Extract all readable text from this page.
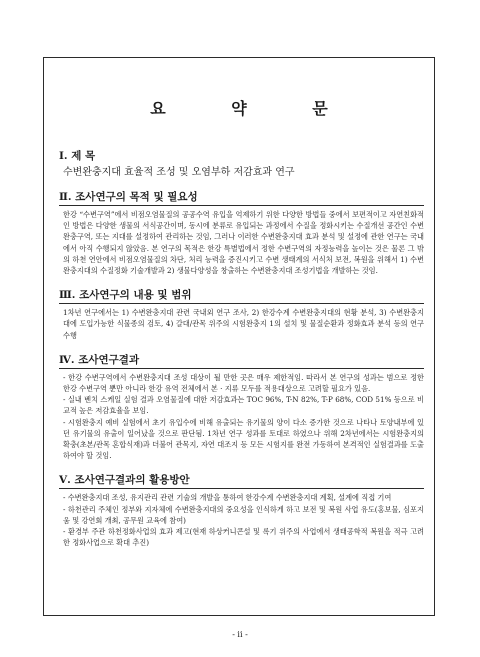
요 약 문

Ⅰ. 제 목

수변완충지대 효율적 조성 및 오염부하 저감효과 연구

Ⅱ. 조사연구의 목적 및 필요성

한강 “수변구역”에서 비점오염물질의 공공수역 유입을 억제하기 위한 다양한 방법들 중에서 보편적이고 자연친화적인 방법은 다양한 생물의 서식공간이며, 동시에 분류로 유입되는 과정에서 수질을 정화시키는 수질개선 공간인 수변완충구역, 또는 지대를 설정하여 관리하는 것임, 그러나 이러한 수변완충지대 효과 분석 및 설정에 관한 연구는 국내에서 아직 수행되지 않았음. 본 연구의 목적은 한강 특별법에서 정한 수변구역의 자정능력을 높이는 것은 물론 그 밖의 하천 연안에서 비점오염물질의 차단, 처리 능력을 증진시키고 수변 생태계의 서식처 보전, 복원을 위해서 1) 수변완충지대의 수질정화 기술개발과 2) 생물다양성을 창출하는 수변완충지대 조성기법을 개발하는 것임.

Ⅲ. 조사연구의 내용 및 범위

1차년 연구에서는 1) 수변완충지대 관련 국내외 연구 조사, 2) 한강수계 수변완충지대의 현황 분석, 3) 수변완충지대에 도입가능한 식물종의 검토, 4) 갈대/관목 위주의 시험완충지 1의 설치 및 물질순환과 정화효과 분석 등의 연구 수행

Ⅳ. 조사연구결과

- 한강 수변구역에서 수변완충지대 조성 대상이 될 만한 곳은 매우 제한적임. 따라서 본 연구의 성과는 범으로 정한 한강 수변구역 뿐만 아니라 한강 유역 전체에서 본 · 지류 모두를 적용대상으로 고려할 필요가 있음.
- 실내 벤치 스케일 실험 결과 오염물질에 대한 저감효과는 TOC 96%, T-N 82%, T-P 68%, COD 51% 등으로 비교적 높은 저감효율을 보임.
- 시험완충지 예비 실험에서 초기 유입수에 비해 유출되는 유기물의 양이 다소 증가한 것으로 나타나 토양내부에 있던 유기물의 유출이 일어났을 것으로 판단됨. 1차년 연구 성과를 토대로 하였으나 위해 2차년에서는 시험완충지의 확충(초본/관목 혼합식재)과 더불어 관목지, 자연 대조지 등 모든 시험지를 완전 가동하여 본격적인 실험결과를 도출하여야 할 것임.

Ⅴ. 조사연구결과의 활용방안

- 수변완충지대 조성, 유지관리 관련 기술의 개발을 통하여 한강수계 수변완충지대 계획, 설계에 직접 기여
- 하천관리 주체인 정부와 지자체에 수변완충지대의 중요성을 인식하게 하고 보전 및 복원 사업 유도(홍보물, 심포지움 및 강연회 개최, 공무원 교육에 참여)
- 환경부 주관 하천정화사업의 효과 제고(현재 하상커니콘설 및 록기 위주의 사업에서 생태공학적 복원을 적극 고려한 정화사업으로 확대 추진)
- ii -
